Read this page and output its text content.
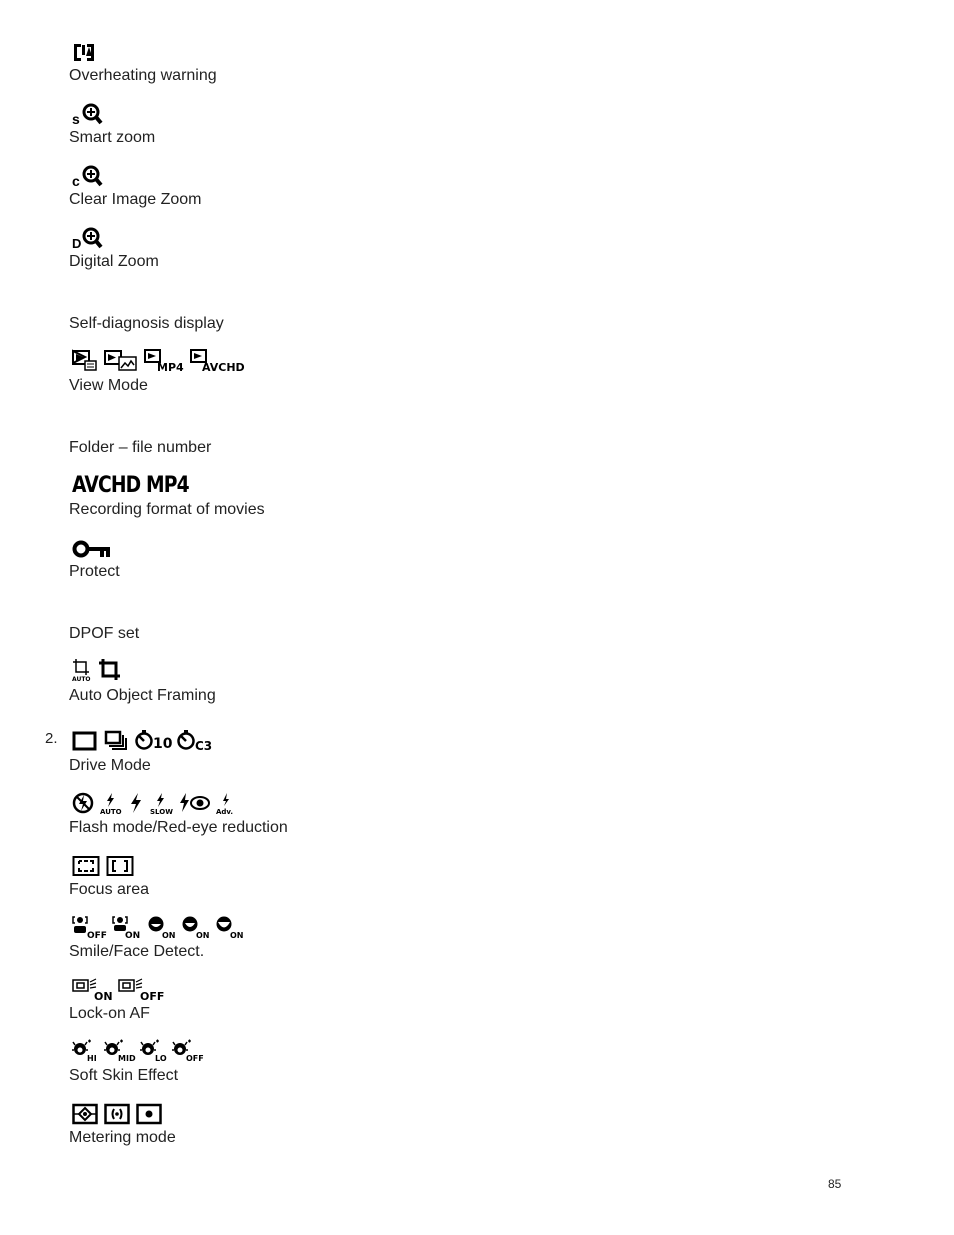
Overheating warning
s
Smart zoom
c
Clear Image Zoom
D
Digital Zoom
Self-diagnosis display
MP4 AVCHD
View Mode
Folder – file number
AVCHD MP4
Recording format of movies
Protect
DPOF set
AUTO
Auto Object Framing
2.	10 C3
Drive Mode
AUTO	SLOW	Adv.
Flash mode/Red-eye reduction
Focus area
OFF ON	ON	ON	ON
Smile/Face Detect.
ON OFF
Lock-on AF
HI	MID LO OFF
Soft Skin Effect
Metering mode
85
